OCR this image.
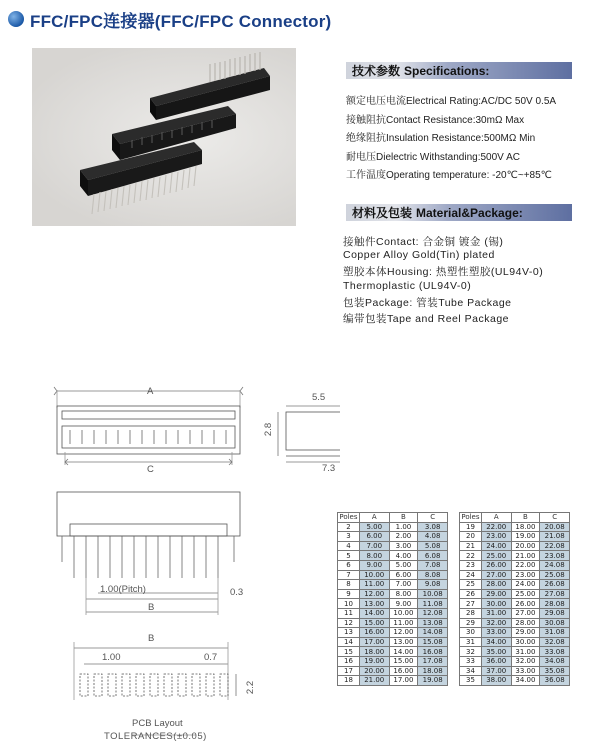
FFC/FPC连接器(FFC/FPC Connector)
技术参数 Specifications:
额定电压电流Electrical Rating:AC/DC 50V 0.5A
接触阻抗Contact Resistance:30mΩ Max
绝缘阻抗Insulation Resistance:500MΩ Min
耐电压Dielectric Withstanding:500V AC
工作温度Operating temperature: -20℃~+85℃
材料及包装 Material&Package:
接触件Contact: 合金铜 镀金 (锡)
Copper Alloy Gold(Tin) plated
塑胶本体Housing: 热塑性塑胶(UL94V-0)
Thermoplastic (UL94V-0)
包装Package: 管装Tube Package
编带包装Tape and Reel Package
A
C
5.5
2.8
7.3
1.00(Pitch)	0.3
B
B
1.00	0.7
2.2
PCB Layout
TOLERANCES(±0.05)
Poles	A	B	C
2	5.00	1.00	3.08
3	6.00	2.00	4.08
4	7.00	3.00	5.08
5	8.00	4.00	6.08
6	9.00	5.00	7.08
7	10.00	6.00	8.08
8	11.00	7.00	9.08
9	12.00	8.00	10.08
10	13.00	9.00	11.08
11	14.00	10.00	12.08
12	15.00	11.00	13.08
13	16.00	12.00	14.08
14	17.00	13.00	15.08
15	18.00	14.00	16.08
16	19.00	15.00	17.08
17	20.00	16.00	18.08
18	21.00	17.00	19.08
Poles	A	B	C
19	22.00	18.00	20.08
20	23.00	19.00	21.08
21	24.00	20.00	22.08
22	25.00	21.00	23.08
23	26.00	22.00	24.08
24	27.00	23.00	25.08
25	28.00	24.00	26.08
26	29.00	25.00	27.08
27	30.00	26.00	28.08
28	31.00	27.00	29.08
29	32.00	28.00	30.08
30	33.00	29.00	31.08
31	34.00	30.00	32.08
32	35.00	31.00	33.08
33	36.00	32.00	34.08
34	37.00	33.00	35.08
35	38.00	34.00	36.08
